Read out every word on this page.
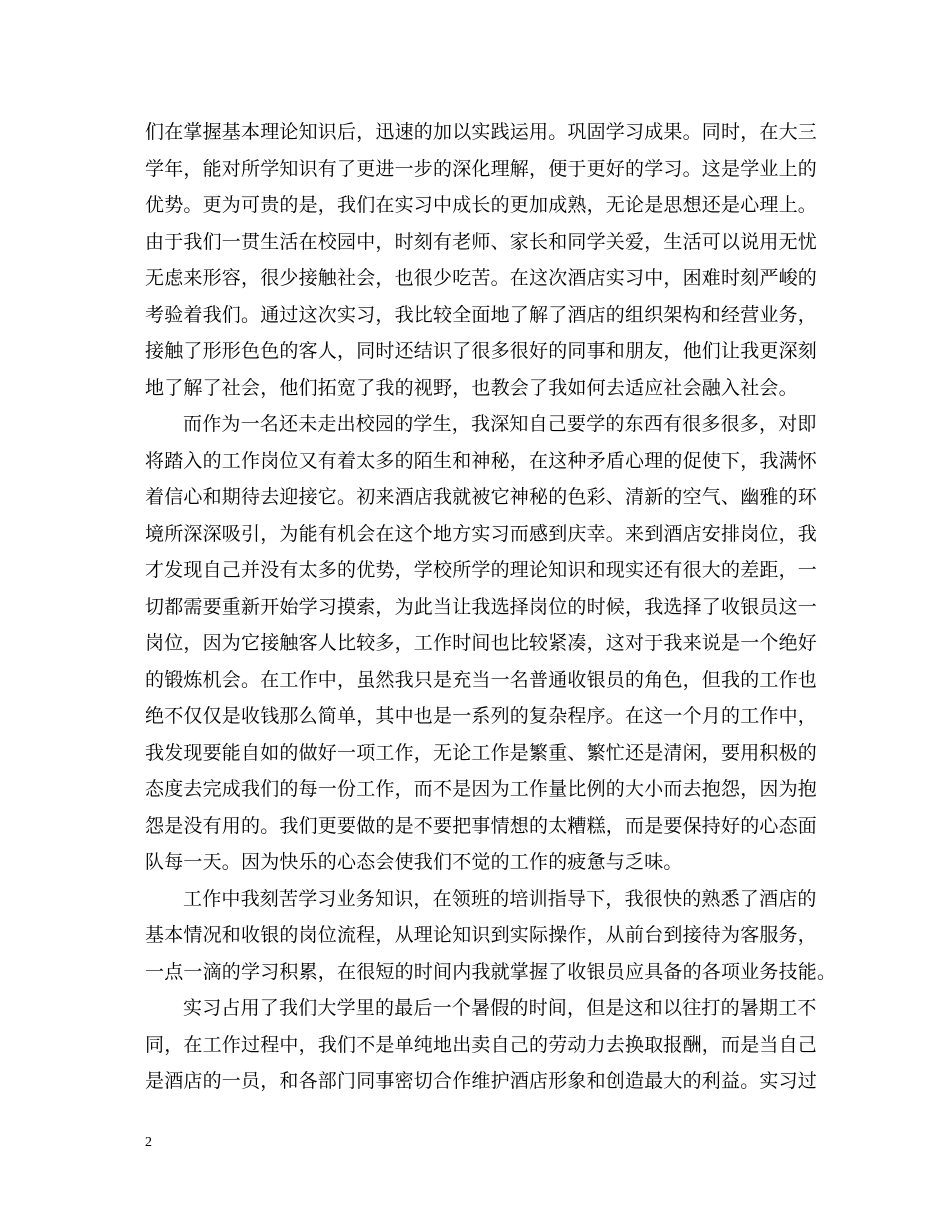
们在掌握基本理论知识后，迅速的加以实践运用。巩固学习成果。同时，在大三
学年，能对所学知识有了更进一步的深化理解，便于更好的学习。这是学业上的
优势。更为可贵的是，我们在实习中成长的更加成熟，无论是思想还是心理上。
由于我们一贯生活在校园中，时刻有老师、家长和同学关爱，生活可以说用无忧
无虑来形容，很少接触社会，也很少吃苦。在这次酒店实习中，困难时刻严峻的
考验着我们。通过这次实习，我比较全面地了解了酒店的组织架构和经营业务，
接触了形形色色的客人，同时还结识了很多很好的同事和朋友，他们让我更深刻
地了解了社会，他们拓宽了我的视野，也教会了我如何去适应社会融入社会。

而作为一名还未走出校园的学生，我深知自己要学的东西有很多很多，对即
将踏入的工作岗位又有着太多的陌生和神秘，在这种矛盾心理的促使下，我满怀
着信心和期待去迎接它。初来酒店我就被它神秘的色彩、清新的空气、幽雅的环
境所深深吸引，为能有机会在这个地方实习而感到庆幸。来到酒店安排岗位，我
才发现自己并没有太多的优势，学校所学的理论知识和现实还有很大的差距，一
切都需要重新开始学习摸索，为此当让我选择岗位的时候，我选择了收银员这一
岗位，因为它接触客人比较多，工作时间也比较紧凑，这对于我来说是一个绝好
的锻炼机会。在工作中，虽然我只是充当一名普通收银员的角色，但我的工作也
绝不仅仅是收钱那么简单，其中也是一系列的复杂程序。在这一个月的工作中，
我发现要能自如的做好一项工作，无论工作是繁重、繁忙还是清闲，要用积极的
态度去完成我们的每一份工作，而不是因为工作量比例的大小而去抱怨，因为抱
怨是没有用的。我们更要做的是不要把事情想的太糟糕，而是要保持好的心态面
队每一天。因为快乐的心态会使我们不觉的工作的疲惫与乏味。

工作中我刻苦学习业务知识，在领班的培训指导下，我很快的熟悉了酒店的
基本情况和收银的岗位流程，从理论知识到实际操作，从前台到接待为客服务，
一点一滴的学习积累，在很短的时间内我就掌握了收银员应具备的各项业务技能。

实习占用了我们大学里的最后一个暑假的时间，但是这和以往打的暑期工不
同，在工作过程中，我们不是单纯地出卖自己的劳动力去换取报酬，而是当自己
是酒店的一员，和各部门同事密切合作维护酒店形象和创造最大的利益。实习过

2
